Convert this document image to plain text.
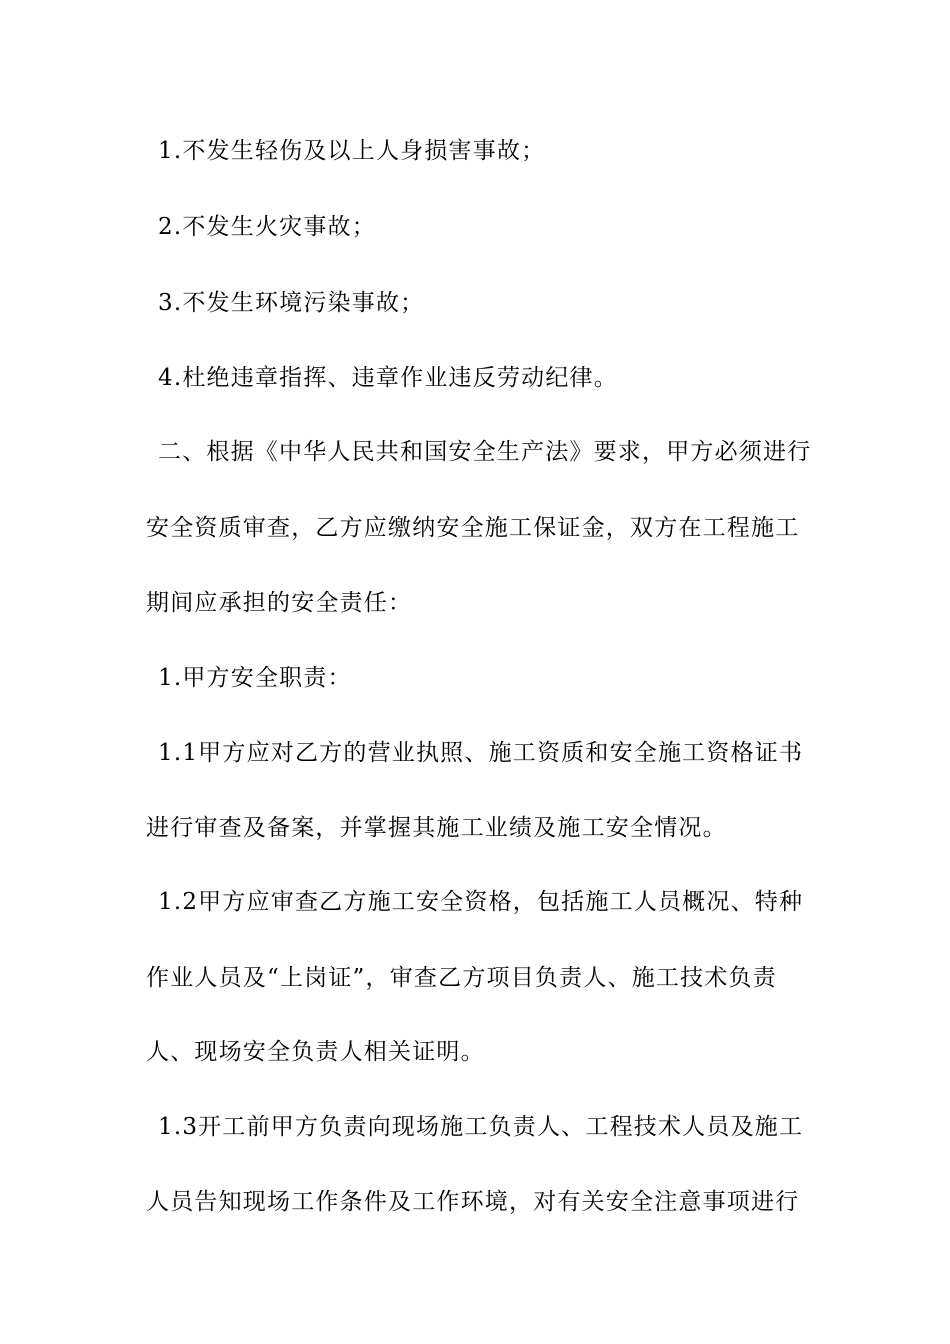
1.不发生轻伤及以上人身损害事故；
2.不发生火灾事故；
3.不发生环境污染事故；
4.杜绝违章指挥、违章作业违反劳动纪律。
二、根据《中华人民共和国安全生产法》要求，甲方必须进行
安全资质审查，乙方应缴纳安全施工保证金，双方在工程施工
期间应承担的安全责任：
1.甲方安全职责：
1.1甲方应对乙方的营业执照、施工资质和安全施工资格证书
进行审查及备案，并掌握其施工业绩及施工安全情况。
1.2甲方应审查乙方施工安全资格，包括施工人员概况、特种
作业人员及“上岗证”，审查乙方项目负责人、施工技术负责
人、现场安全负责人相关证明。
1.3开工前甲方负责向现场施工负责人、工程技术人员及施工
人员告知现场工作条件及工作环境，对有关安全注意事项进行
